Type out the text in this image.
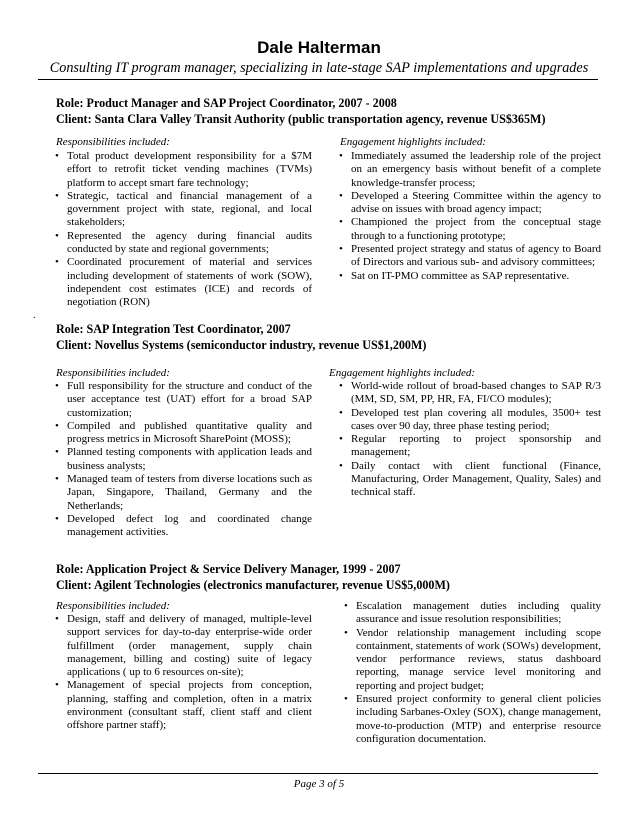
Dale Halterman
Consulting IT program manager, specializing in late-stage SAP implementations and upgrades
Role: Product Manager and SAP Project Coordinator, 2007 - 2008
Client: Santa Clara Valley Transit Authority (public transportation agency, revenue US$365M)
Responsibilities included:	Engagement highlights included:
• Total product development responsibility for a $7M effort to retrofit ticket vending machines (TVMs) platform to accept smart fare technology;
• Strategic, tactical and financial management of a government project with state, regional, and local stakeholders;
• Represented the agency during financial audits conducted by state and regional governments;
• Coordinated procurement of material and services including development of statements of work (SOW), independent cost estimates (ICE) and records of negotiation (RON)
• Immediately assumed the leadership role of the project on an emergency basis without benefit of a complete knowledge-transfer process;
• Developed a Steering Committee within the agency to advise on issues with broad agency impact;
• Championed the project from the conceptual stage through to a functioning prototype;
• Presented project strategy and status of agency to Board of Directors and various sub- and advisory committees;
• Sat on IT-PMO committee as SAP representative.
.
Role: SAP Integration Test Coordinator, 2007
Client: Novellus Systems (semiconductor industry, revenue US$1,200M)
Responsibilities included:	Engagement highlights included:
• Full responsibility for the structure and conduct of the user acceptance test (UAT) effort for a broad SAP customization;
• Compiled and published quantitative quality and progress metrics in Microsoft SharePoint (MOSS);
• Planned testing components with application leads and business analysts;
• Managed team of testers from diverse locations such as Japan, Singapore, Thailand, Germany and the Netherlands;
• Developed defect log and coordinated change management activities.
• World-wide rollout of broad-based changes to SAP R/3 (MM, SD, SM, PP, HR, FA, FI/CO modules);
• Developed test plan covering all modules, 3500+ test cases over 90 day, three phase testing period;
• Regular reporting to project sponsorship and management;
• Daily contact with client functional (Finance, Manufacturing, Order Management, Quality, Sales) and technical staff.
Role: Application Project & Service Delivery Manager, 1999 - 2007
Client: Agilent Technologies (electronics manufacturer, revenue US$5,000M)
Responsibilities included:
• Design, staff and delivery of managed, multiple-level support services for day-to-day enterprise-wide order fulfillment (order management, supply chain management, billing and costing) suite of legacy applications ( up to 6 resources on-site);
• Management of special projects from conception, planning, staffing and completion, often in a matrix environment (consultant staff, client staff and client offshore partner staff);
• Escalation management duties including quality assurance and issue resolution responsibilities;
• Vendor relationship management including scope containment, statements of work (SOWs) development, vendor performance reviews, status dashboard reporting, manage service level monitoring and reporting and project budget;
• Ensured project conformity to general client policies including Sarbanes-Oxley (SOX), change management, move-to-production (MTP) and enterprise resource configuration documentation.
Page 3 of 5
